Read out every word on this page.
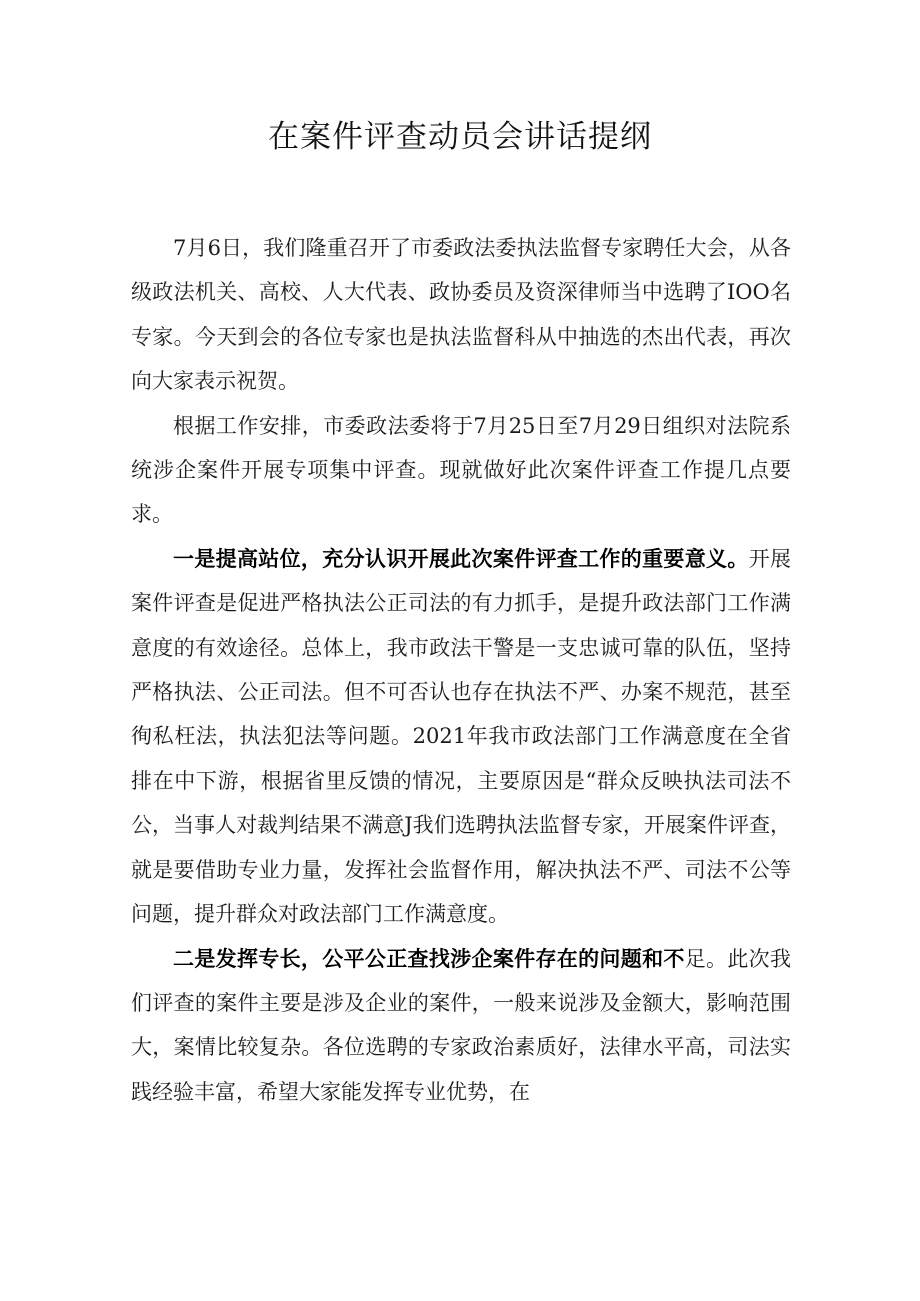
在案件评查动员会讲话提纲

7月6日，我们隆重召开了市委政法委执法监督专家聘任大会，从各级政法机关、高校、人大代表、政协委员及资深律师当中选聘了IOO名专家。今天到会的各位专家也是执法监督科从中抽选的杰出代表，再次向大家表示祝贺。

根据工作安排，市委政法委将于7月25日至7月29日组织对法院系统涉企案件开展专项集中评查。现就做好此次案件评查工作提几点要求。

一是提高站位，充分认识开展此次案件评查工作的重要意义。开展案件评查是促进严格执法公正司法的有力抓手，是提升政法部门工作满意度的有效途径。总体上，我市政法干警是一支忠诚可靠的队伍，坚持严格执法、公正司法。但不可否认也存在执法不严、办案不规范，甚至徇私枉法，执法犯法等问题。2021年我市政法部门工作满意度在全省排在中下游，根据省里反馈的情况，主要原因是“群众反映执法司法不公，当事人对裁判结果不满意J我们选聘执法监督专家，开展案件评查，就是要借助专业力量，发挥社会监督作用，解决执法不严、司法不公等问题，提升群众对政法部门工作满意度。

二是发挥专长，公平公正查找涉企案件存在的问题和不足。此次我们评查的案件主要是涉及企业的案件，一般来说涉及金额大，影响范围大，案情比较复杂。各位选聘的专家政治素质好，法律水平高，司法实践经验丰富，希望大家能发挥专业优势，在
